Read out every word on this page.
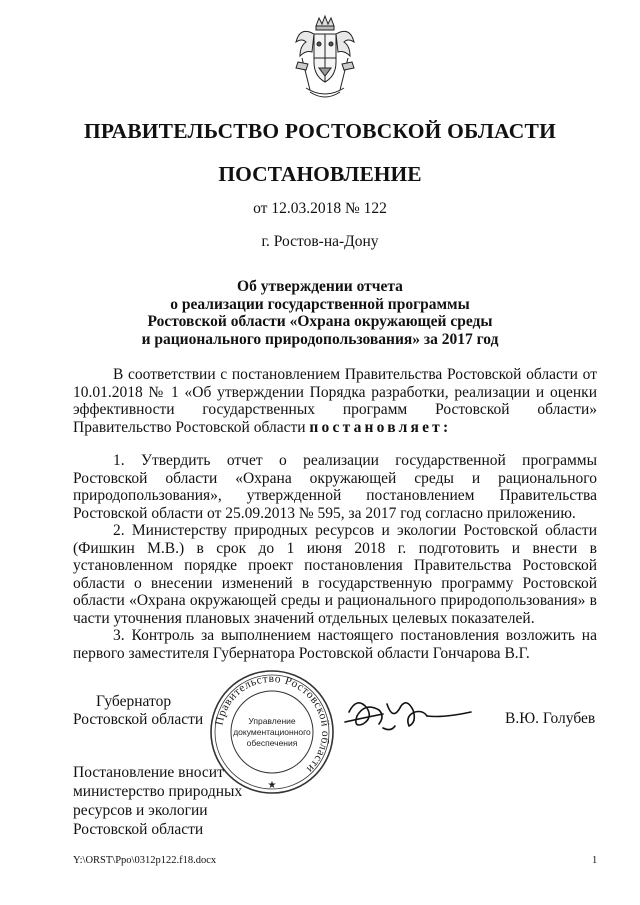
ПРАВИТЕЛЬСТВО РОСТОВСКОЙ ОБЛАСТИ
ПОСТАНОВЛЕНИЕ
от 12.03.2018 № 122
г. Ростов-на-Дону
Об утверждении отчета
о реализации государственной программы
Ростовской области «Охрана окружающей среды
и рационального природопользования» за 2017 год
В соответствии с постановлением Правительства Ростовской области от 10.01.2018 № 1 «Об утверждении Порядка разработки, реализации и оценки эффективности государственных программ Ростовской области» Правительство Ростовской области постановляет:
1. Утвердить отчет о реализации государственной программы Ростовской области «Охрана окружающей среды и рационального природопользования», утвержденной постановлением Правительства Ростовской области от 25.09.2013 № 595, за 2017 год согласно приложению.
2. Министерству природных ресурсов и экологии Ростовской области (Фишкин М.В.) в срок до 1 июня 2018 г. подготовить и внести в установленном порядке проект постановления Правительства Ростовской области о внесении изменений в государственную программу Ростовской области «Охрана окружающей среды и рационального природопользования» в части уточнения плановых значений отдельных целевых показателей.
3. Контроль за выполнением настоящего постановления возложить на первого заместителя Губернатора Ростовской области Гончарова В.Г.
Губернатор
Ростовской области Правительство Ростовской области
Управление
документационного
обеспечения
★
В.Ю. Голубев
Постановление вносит
министерство природных
ресурсов и экологии
Ростовской области
Y:\ORST\Ppo\0312p122.f18.docx	1
